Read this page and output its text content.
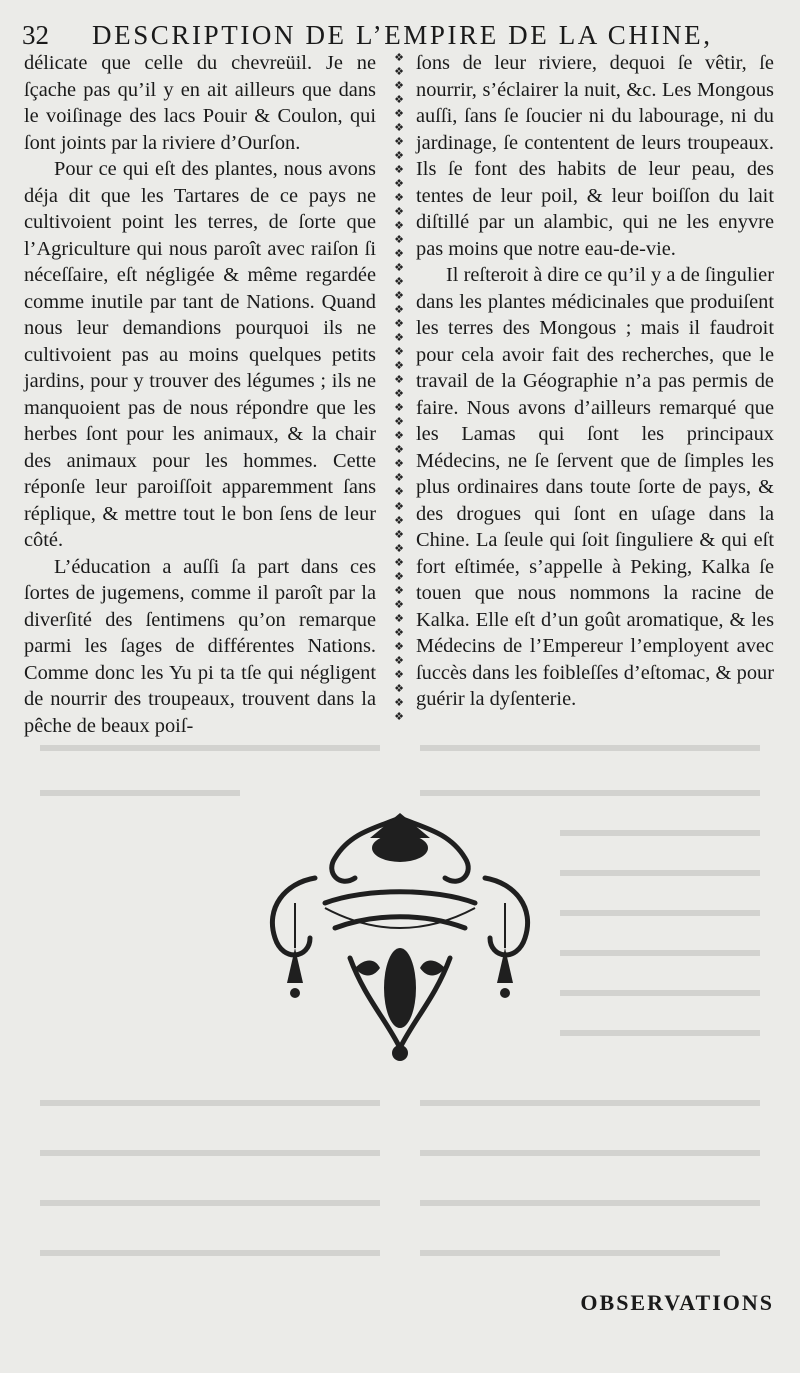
32 DESCRIPTION DE L’EMPIRE DE LA CHINE,

délicate que celle du chevreüil. Je ne ſçache pas qu’il y en ait ailleurs que dans le voiſinage des lacs Pouir & Coulon, qui ſont joints par la riviere d’Ourſon.

Pour ce qui eſt des plantes, nous avons déja dit que les Tartares de ce pays ne cultivoient point les terres, de ſorte que l’Agriculture qui nous paroît avec raiſon ſi néceſſaire, eſt négligée & même regardée comme inutile par tant de Nations. Quand nous leur demandions pourquoi ils ne cultivoient pas au moins quelques petits jardins, pour y trouver des légumes ; ils ne manquoient pas de nous répondre que les herbes ſont pour les animaux, & la chair des animaux pour les hommes. Cette réponſe leur paroiſſoit apparemment ſans réplique, & mettre tout le bon ſens de leur côté.

L’éducation a auſſi ſa part dans ces ſortes de jugemens, comme il paroît par la diverſité des ſentimens qu’on remarque parmi les ſages de différentes Nations. Comme donc les Yu pi ta tſe qui négligent de nourrir des troupeaux, trouvent dans la pêche de beaux poiſ-

❖
❖
❖
❖
❖
❖
❖
❖
❖
❖
❖
❖
❖
❖
❖
❖
❖
❖
❖
❖
❖
❖
❖
❖
❖
❖
❖
❖
❖
❖
❖
❖
❖
❖
❖
❖
❖
❖
❖
❖
❖
❖
❖
❖
❖
❖
❖
❖

ſons de leur riviere, dequoi ſe vêtir, ſe nourrir, s’éclairer la nuit, &c. Les Mongous auſſi, ſans ſe ſoucier ni du labourage, ni du jardinage, ſe contentent de leurs troupeaux. Ils ſe font des habits de leur peau, des tentes de leur poil, & leur boiſſon du lait diſtillé par un alambic, qui ne les enyvre pas moins que notre eau-de-vie.

Il reſteroit à dire ce qu’il y a de ſingulier dans les plantes médicinales que produiſent les terres des Mongous ; mais il faudroit pour cela avoir fait des recherches, que le travail de la Géographie n’a pas permis de faire. Nous avons d’ailleurs remarqué que les Lamas qui ſont les principaux Médecins, ne ſe ſervent que de ſimples les plus ordinaires dans toute ſorte de pays, & des drogues qui ſont en uſage dans la Chine. La ſeule qui ſoit ſinguliere & qui eſt fort eſtimée, s’appelle à Peking, Kalka ſe touen que nous nommons la racine de Kalka. Elle eſt d’un goût aromatique, & les Médecins de l’Empereur l’employent avec ſuccès dans les foibleſſes d’eſtomac, & pour guérir la dyſenterie.

OBSERVATIONS
